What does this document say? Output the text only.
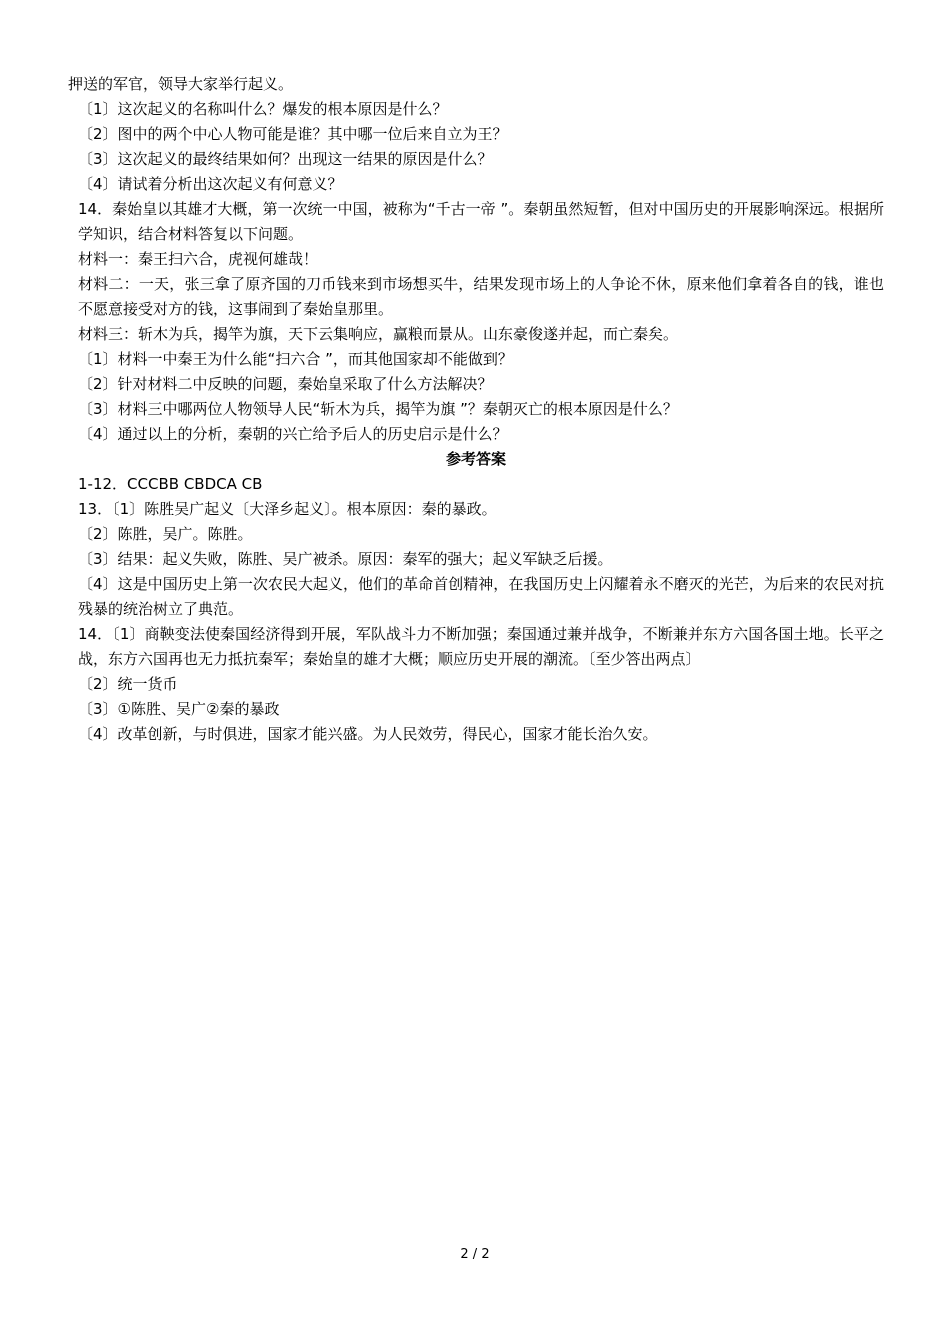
押送的军官，领导大家举行起义。
〔1〕这次起义的名称叫什么？爆发的根本原因是什么？
〔2〕图中的两个中心人物可能是谁？其中哪一位后来自立为王？
〔3〕这次起义的最终结果如何？出现这一结果的原因是什么？
〔4〕请试着分析出这次起义有何意义？
14．秦始皇以其雄才大概，第一次统一中国，被称为“千古一帝 ”。秦朝虽然短暂，但对中国历史的开展影响深远。根据所学知识，结合材料答复以下问题。
材料一：秦王扫六合，虎视何雄哉！
材料二：一天，张三拿了原齐国的刀币钱来到市场想买牛，结果发现市场上的人争论不休，原来他们拿着各自的钱，谁也不愿意接受对方的钱，这事闹到了秦始皇那里。
材料三：斩木为兵，揭竿为旗，天下云集响应，赢粮而景从。山东豪俊遂并起，而亡秦矣。
〔1〕材料一中秦王为什么能“扫六合 ”，而其他国家却不能做到？
〔2〕针对材料二中反映的问题，秦始皇采取了什么方法解决？
〔3〕材料三中哪两位人物领导人民“斩木为兵，揭竿为旗 ”？秦朝灭亡的根本原因是什么？
〔4〕通过以上的分析，秦朝的兴亡给予后人的历史启示是什么？
参考答案
1-12．CCCBB CBDCA CB
13．〔1〕陈胜吴广起义〔大泽乡起义〕。根本原因：秦的暴政。
〔2〕陈胜，吴广。陈胜。
〔3〕结果：起义失败，陈胜、吴广被杀。原因：秦军的强大；起义军缺乏后援。
〔4〕这是中国历史上第一次农民大起义，他们的革命首创精神，在我国历史上闪耀着永不磨灭的光芒，为后来的农民对抗残暴的统治树立了典范。
14．〔1〕商鞅变法使秦国经济得到开展，军队战斗力不断加强；秦国通过兼并战争，不断兼并东方六国各国土地。长平之战，东方六国再也无力抵抗秦军；秦始皇的雄才大概；顺应历史开展的潮流。〔至少答出两点〕
〔2〕统一货币
〔3〕①陈胜、吴广②秦的暴政
〔4〕改革创新，与时俱进，国家才能兴盛。为人民效劳，得民心，国家才能长治久安。
2 / 2
